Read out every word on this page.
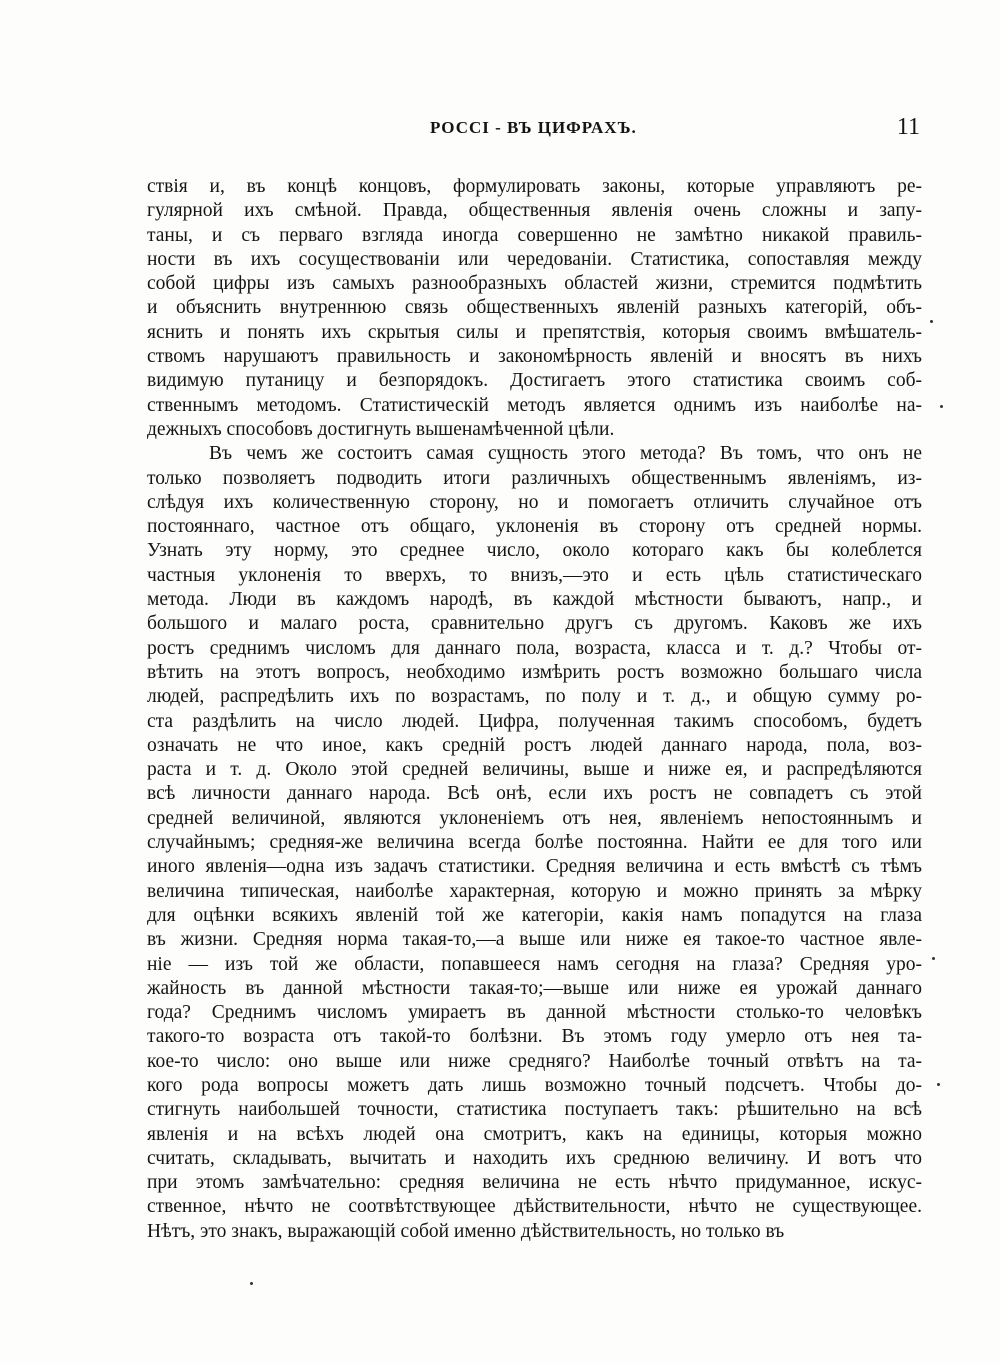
РОССІ - ВЪ ЦИФРАХЪ.	11
ствія и, въ концѣ концовъ, формулировать законы, которые управляютъ ре-
гулярной ихъ смѣной. Правда, общественныя явленія очень сложны и запу-
таны, и съ перваго взгляда иногда совершенно не замѣтно никакой правиль-
ности въ ихъ сосуществованіи или чередованіи. Статистика, сопоставляя между
собой цифры изъ самыхъ разнообразныхъ областей жизни, стремится подмѣтить
и объяснить внутреннюю связь общественныхъ явленій разныхъ категорій, объ-
яснить и понять ихъ скрытыя силы и препятствія, которыя своимъ вмѣшатель-
ствомъ нарушаютъ правильность и закономѣрность явленій и вносятъ въ нихъ
видимую путаницу и безпорядокъ. Достигаетъ этого статистика своимъ соб-
ственнымъ методомъ. Статистическій методъ является однимъ изъ наиболѣе на-
дежныхъ способовъ достигнуть вышенамѣченной цѣли.
Въ чемъ же состоитъ самая сущность этого метода? Въ томъ, что онъ не
только позволяетъ подводить итоги различныхъ общественнымъ явленіямъ, из-
слѣдуя ихъ количественную сторону, но и помогаетъ отличить случайное отъ
постояннаго, частное отъ общаго, уклоненія въ сторону отъ средней нормы.
Узнать эту норму, это среднее число, около котораго какъ бы колеблется
частныя уклоненія то вверхъ, то внизъ,—это и есть цѣль статистическаго
метода. Люди въ каждомъ народѣ, въ каждой мѣстности бываютъ, напр., и
большого и малаго роста, сравнительно другъ съ другомъ. Каковъ же ихъ
ростъ среднимъ числомъ для даннаго пола, возраста, класса и т. д.? Чтобы от-
вѣтить на этотъ вопросъ, необходимо измѣрить ростъ возможно большаго числа
людей, распредѣлить ихъ по возрастамъ, по полу и т. д., и общую сумму ро-
ста раздѣлить на число людей. Цифра, полученная такимъ способомъ, будетъ
означать не что иное, какъ средній ростъ людей даннаго народа, пола, воз-
раста и т. д. Около этой средней величины, выше и ниже ея, и распредѣляются
всѣ личности даннаго народа. Всѣ онѣ, если ихъ ростъ не совпадетъ съ этой
средней величиной, являются уклоненіемъ отъ нея, явленіемъ непостояннымъ и
случайнымъ; средняя-же величина всегда болѣе постоянна. Найти ее для того или
иного явленія—одна изъ задачъ статистики. Средняя величина и есть вмѣстѣ съ тѣмъ
величина типическая, наиболѣе характерная, которую и можно принять за мѣрку
для оцѣнки всякихъ явленій той же категоріи, какія намъ попадутся на глаза
въ жизни. Средняя норма такая-то,—а выше или ниже ея такое-то частное явле-
ніе — изъ той же области, попавшееся намъ сегодня на глаза? Средняя уро-
жайность въ данной мѣстности такая-то;—выше или ниже ея урожай даннаго
года? Среднимъ числомъ умираетъ въ данной мѣстности столько-то человѣкъ
такого-то возраста отъ такой-то болѣзни. Въ этомъ году умерло отъ нея та-
кое-то число: оно выше или ниже средняго? Наиболѣе точный отвѣтъ на та-
кого рода вопросы можетъ дать лишь возможно точный подсчетъ. Чтобы до-
стигнуть наибольшей точности, статистика поступаетъ такъ: рѣшительно на всѣ
явленія и на всѣхъ людей она смотритъ, какъ на единицы, которыя можно
считать, складывать, вычитать и находить ихъ среднюю величину. И вотъ что
при этомъ замѣчательно: средняя величина не есть нѣчто придуманное, искус-
ственное, нѣчто не соотвѣтствующее дѣйствительности, нѣчто не существующее.
Нѣтъ, это знакъ, выражающій собой именно дѣйствительность, но только въ
